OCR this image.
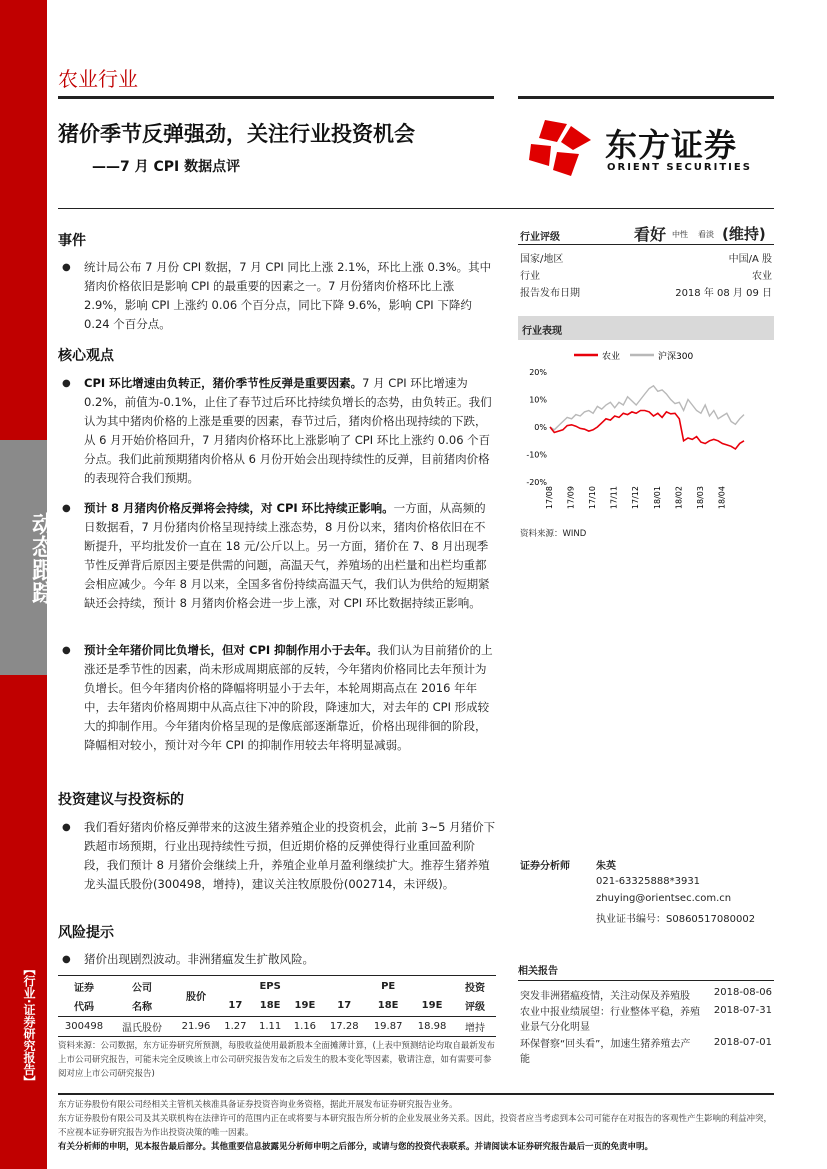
动态跟踪
【行业·证券研究报告】
农业行业
猪价季节反弹强劲，关注行业投资机会
——7 月 CPI 数据点评
东方证券
ORIENT SECURITIES
事件
● 统计局公布 7 月份 CPI 数据，7 月 CPI 同比上涨 2.1%，环比上涨 0.3%。其中猪肉价格依旧是影响 CPI 的最重要的因素之一。7 月份猪肉价格环比上涨 2.9%，影响 CPI 上涨约 0.06 个百分点，同比下降 9.6%，影响 CPI 下降约 0.24 个百分点。
核心观点
● CPI 环比增速由负转正，猪价季节性反弹是重要因素。7 月 CPI 环比增速为 0.2%，前值为-0.1%，止住了春节过后环比持续负增长的态势，由负转正。我们认为其中猪肉价格的上涨是重要的因素，春节过后，猪肉价格出现持续的下跌，从 6 月开始价格回升，7 月猪肉价格环比上涨影响了 CPI 环比上涨约 0.06 个百分点。我们此前预期猪肉价格从 6 月份开始会出现持续性的反弹，目前猪肉价格的表现符合我们预期。
● 预计 8 月猪肉价格反弹将会持续，对 CPI 环比持续正影响。一方面，从高频的日数据看，7 月份猪肉价格呈现持续上涨态势，8 月份以来，猪肉价格依旧在不断提升，平均批发价一直在 18 元/公斤以上。另一方面，猪价在 7、8 月出现季节性反弹背后原因主要是供需的问题，高温天气，养殖场的出栏量和出栏均重都会相应减少。今年 8 月以来，全国多省份持续高温天气，我们认为供给的短期紧缺还会持续，预计 8 月猪肉价格会进一步上涨，对 CPI 环比数据持续正影响。
● 预计全年猪价同比负增长，但对 CPI 抑制作用小于去年。我们认为目前猪价的上涨还是季节性的因素，尚未形成周期底部的反转，今年猪肉价格同比去年预计为负增长。但今年猪肉价格的降幅将明显小于去年，本轮周期高点在 2016 年年中，去年猪肉价格周期中从高点往下冲的阶段，降速加大，对去年的 CPI 形成较大的抑制作用。今年猪肉价格呈现的是像底部逐渐靠近，价格出现徘徊的阶段，降幅相对较小，预计对今年 CPI 的抑制作用较去年将明显减弱。
投资建议与投资标的
● 我们看好猪肉价格反弹带来的这波生猪养殖企业的投资机会，此前 3~5 月猪价下跌超市场预期，行业出现持续性亏损，但近期价格的反弹使得行业重回盈利阶段，我们预计 8 月猪价会继续上升，养殖企业单月盈利继续扩大。推荐生猪养殖龙头温氏股份(300498，增持)，建议关注牧原股份(002714，未评级)。
风险提示
● 猪价出现剧烈波动。非洲猪瘟发生扩散风险。
证券	公司	股价	EPS			PE			投资
代码	名称		17	18E	19E	17	18E	19E	评级
300498	温氏股份	21.96	1.27	1.11	1.16	17.28	19.87	18.98	增持
资料来源：公司数据，东方证券研究所预测，每股收益使用最新股本全面摊薄计算，(上表中预测结论均取自最新发布上市公司研究报告，可能未完全反映该上市公司研究报告发布之后发生的股本变化等因素，敬请注意，如有需要可参阅对应上市公司研究报告)
行业评级	看好 中性 看淡 (维持)
国家/地区	中国/A 股
行业	农业
报告发布日期	2018 年 08 月 09 日
行业表现
农业	沪深300
20%
10%
0%
-10%
-20%
17/08 17/09 17/10 17/11 17/12 18/01 18/02 18/03 18/04
资料来源：WIND
证券分析师	朱英
021-63325888*3931
zhuying@orientsec.com.cn
执业证书编号：S0860517080002
相关报告
突发非洲猪瘟疫情，关注动保及养殖股	2018-08-06
农业中报业绩展望：行业整体平稳，养殖业景气分化明显
2018-07-31
环保督察“回头看”，加速生猪养殖去产能
2018-07-01
东方证券股份有限公司经相关主管机关核准具备证券投资咨询业务资格，据此开展发布证券研究报告业务。
东方证券股份有限公司及其关联机构在法律许可的范围内正在或将要与本研究报告所分析的企业发展业务关系。因此，投资者应当考虑到本公司可能存在对报告的客观性产生影响的利益冲突，不应视本证券研究报告为作出投资决策的唯一因素。
有关分析师的申明，见本报告最后部分。其他重要信息披露见分析师申明之后部分，或请与您的投资代表联系。并请阅读本证券研究报告最后一页的免责申明。
